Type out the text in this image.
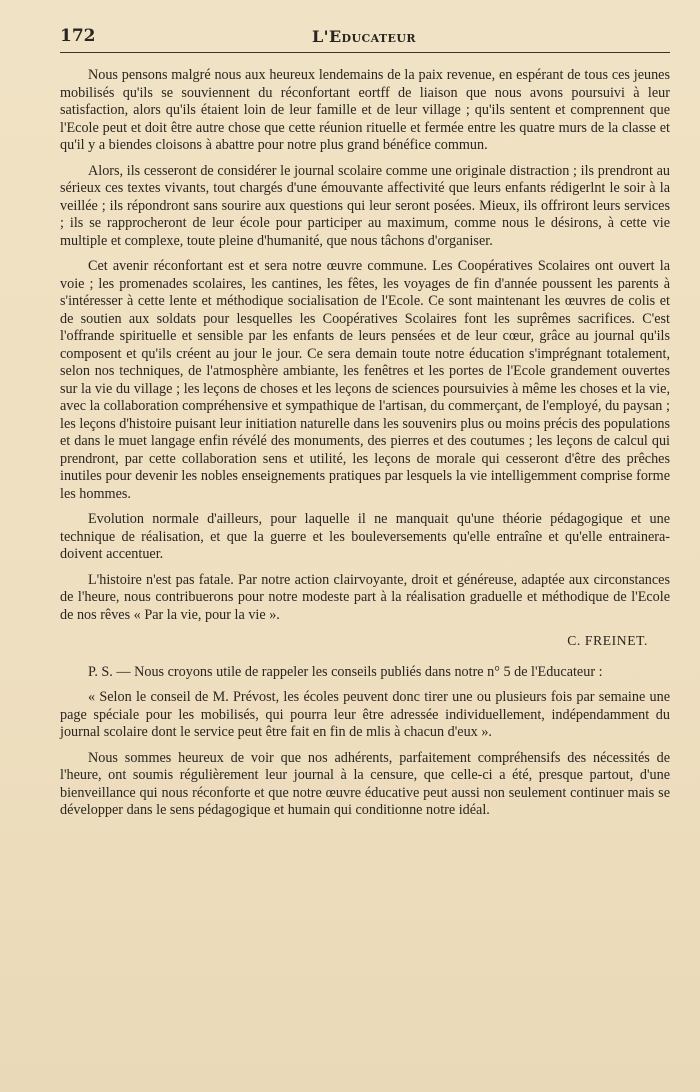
172	L'Educateur

Nous pensons malgré nous aux heureux lendemains de la paix revenue, en espérant de tous ces jeunes mobilisés qu'ils se souviennent du réconfortant eortff de liaison que nous avons poursuivi à leur satisfaction, alors qu'ils étaient loin de leur famille et de leur village ; qu'ils sentent et comprennent que l'Ecole peut et doit être autre chose que cette réunion rituelle et fermée entre les quatre murs de la classe et qu'il y a biendes cloisons à abattre pour notre plus grand bénéfice commun.

Alors, ils cesseront de considérer le journal scolaire comme une originale distraction ; ils prendront au sérieux ces textes vivants, tout chargés d'une émouvante affectivité que leurs enfants rédigerlnt le soir à la veillée ; ils répondront sans sourire aux questions qui leur seront posées. Mieux, ils offriront leurs services ; ils se rapprocheront de leur école pour participer au maximum, comme nous le désirons, à cette vie multiple et complexe, toute pleine d'humanité, que nous tâchons d'organiser.

Cet avenir réconfortant est et sera notre œuvre commune. Les Coopératives Scolaires ont ouvert la voie ; les promenades scolaires, les cantines, les fêtes, les voyages de fin d'année poussent les parents à s'intéresser à cette lente et méthodique socialisation de l'Ecole. Ce sont maintenant les œuvres de colis et de soutien aux soldats pour lesquelles les Coopératives Scolaires font les suprêmes sacrifices. C'est l'offrande spirituelle et sensible par les enfants de leurs pensées et de leur cœur, grâce au journal qu'ils composent et qu'ils créent au jour le jour. Ce sera demain toute notre éducation s'imprégnant totalement, selon nos techniques, de l'atmosphère ambiante, les fenêtres et les portes de l'Ecole grandement ouvertes sur la vie du village ; les leçons de choses et les leçons de sciences poursuivies à même les choses et la vie, avec la collaboration compréhensive et sympathique de l'artisan, du commerçant, de l'employé, du paysan ; les leçons d'histoire puisant leur initiation naturelle dans les souvenirs plus ou moins précis des populations et dans le muet langage enfin révélé des monuments, des pierres et des coutumes ; les leçons de calcul qui prendront, par cette collaboration sens et utilité, les leçons de morale qui cesseront d'être des prêches inutiles pour devenir les nobles enseignements pratiques par lesquels la vie intelligemment comprise forme les hommes.

Evolution normale d'ailleurs, pour laquelle il ne manquait qu'une théorie pédagogique et une technique de réalisation, et que la guerre et les bouleversements qu'elle entraîne et qu'elle entrainera-doivent accentuer.

L'histoire n'est pas fatale. Par notre action clairvoyante, droit et généreuse, adaptée aux circonstances de l'heure, nous contribuerons pour notre modeste part à la réalisation graduelle et méthodique de l'Ecole de nos rêves « Par la vie, pour la vie ».

C. FREINET.

P. S. — Nous croyons utile de rappeler les conseils publiés dans notre n° 5 de l'Educateur :

« Selon le conseil de M. Prévost, les écoles peuvent donc tirer une ou plusieurs fois par semaine une page spéciale pour les mobilisés, qui pourra leur être adressée individuellement, indépendamment du journal scolaire dont le service peut être fait en fin de mlis à chacun d'eux ».

Nous sommes heureux de voir que nos adhérents, parfaitement compréhensifs des nécessités de l'heure, ont soumis régulièrement leur journal à la censure, que celle-ci a été, presque partout, d'une bienveillance qui nous réconforte et que notre œuvre éducative peut aussi non seulement continuer mais se développer dans le sens pédagogique et humain qui conditionne notre idéal.
